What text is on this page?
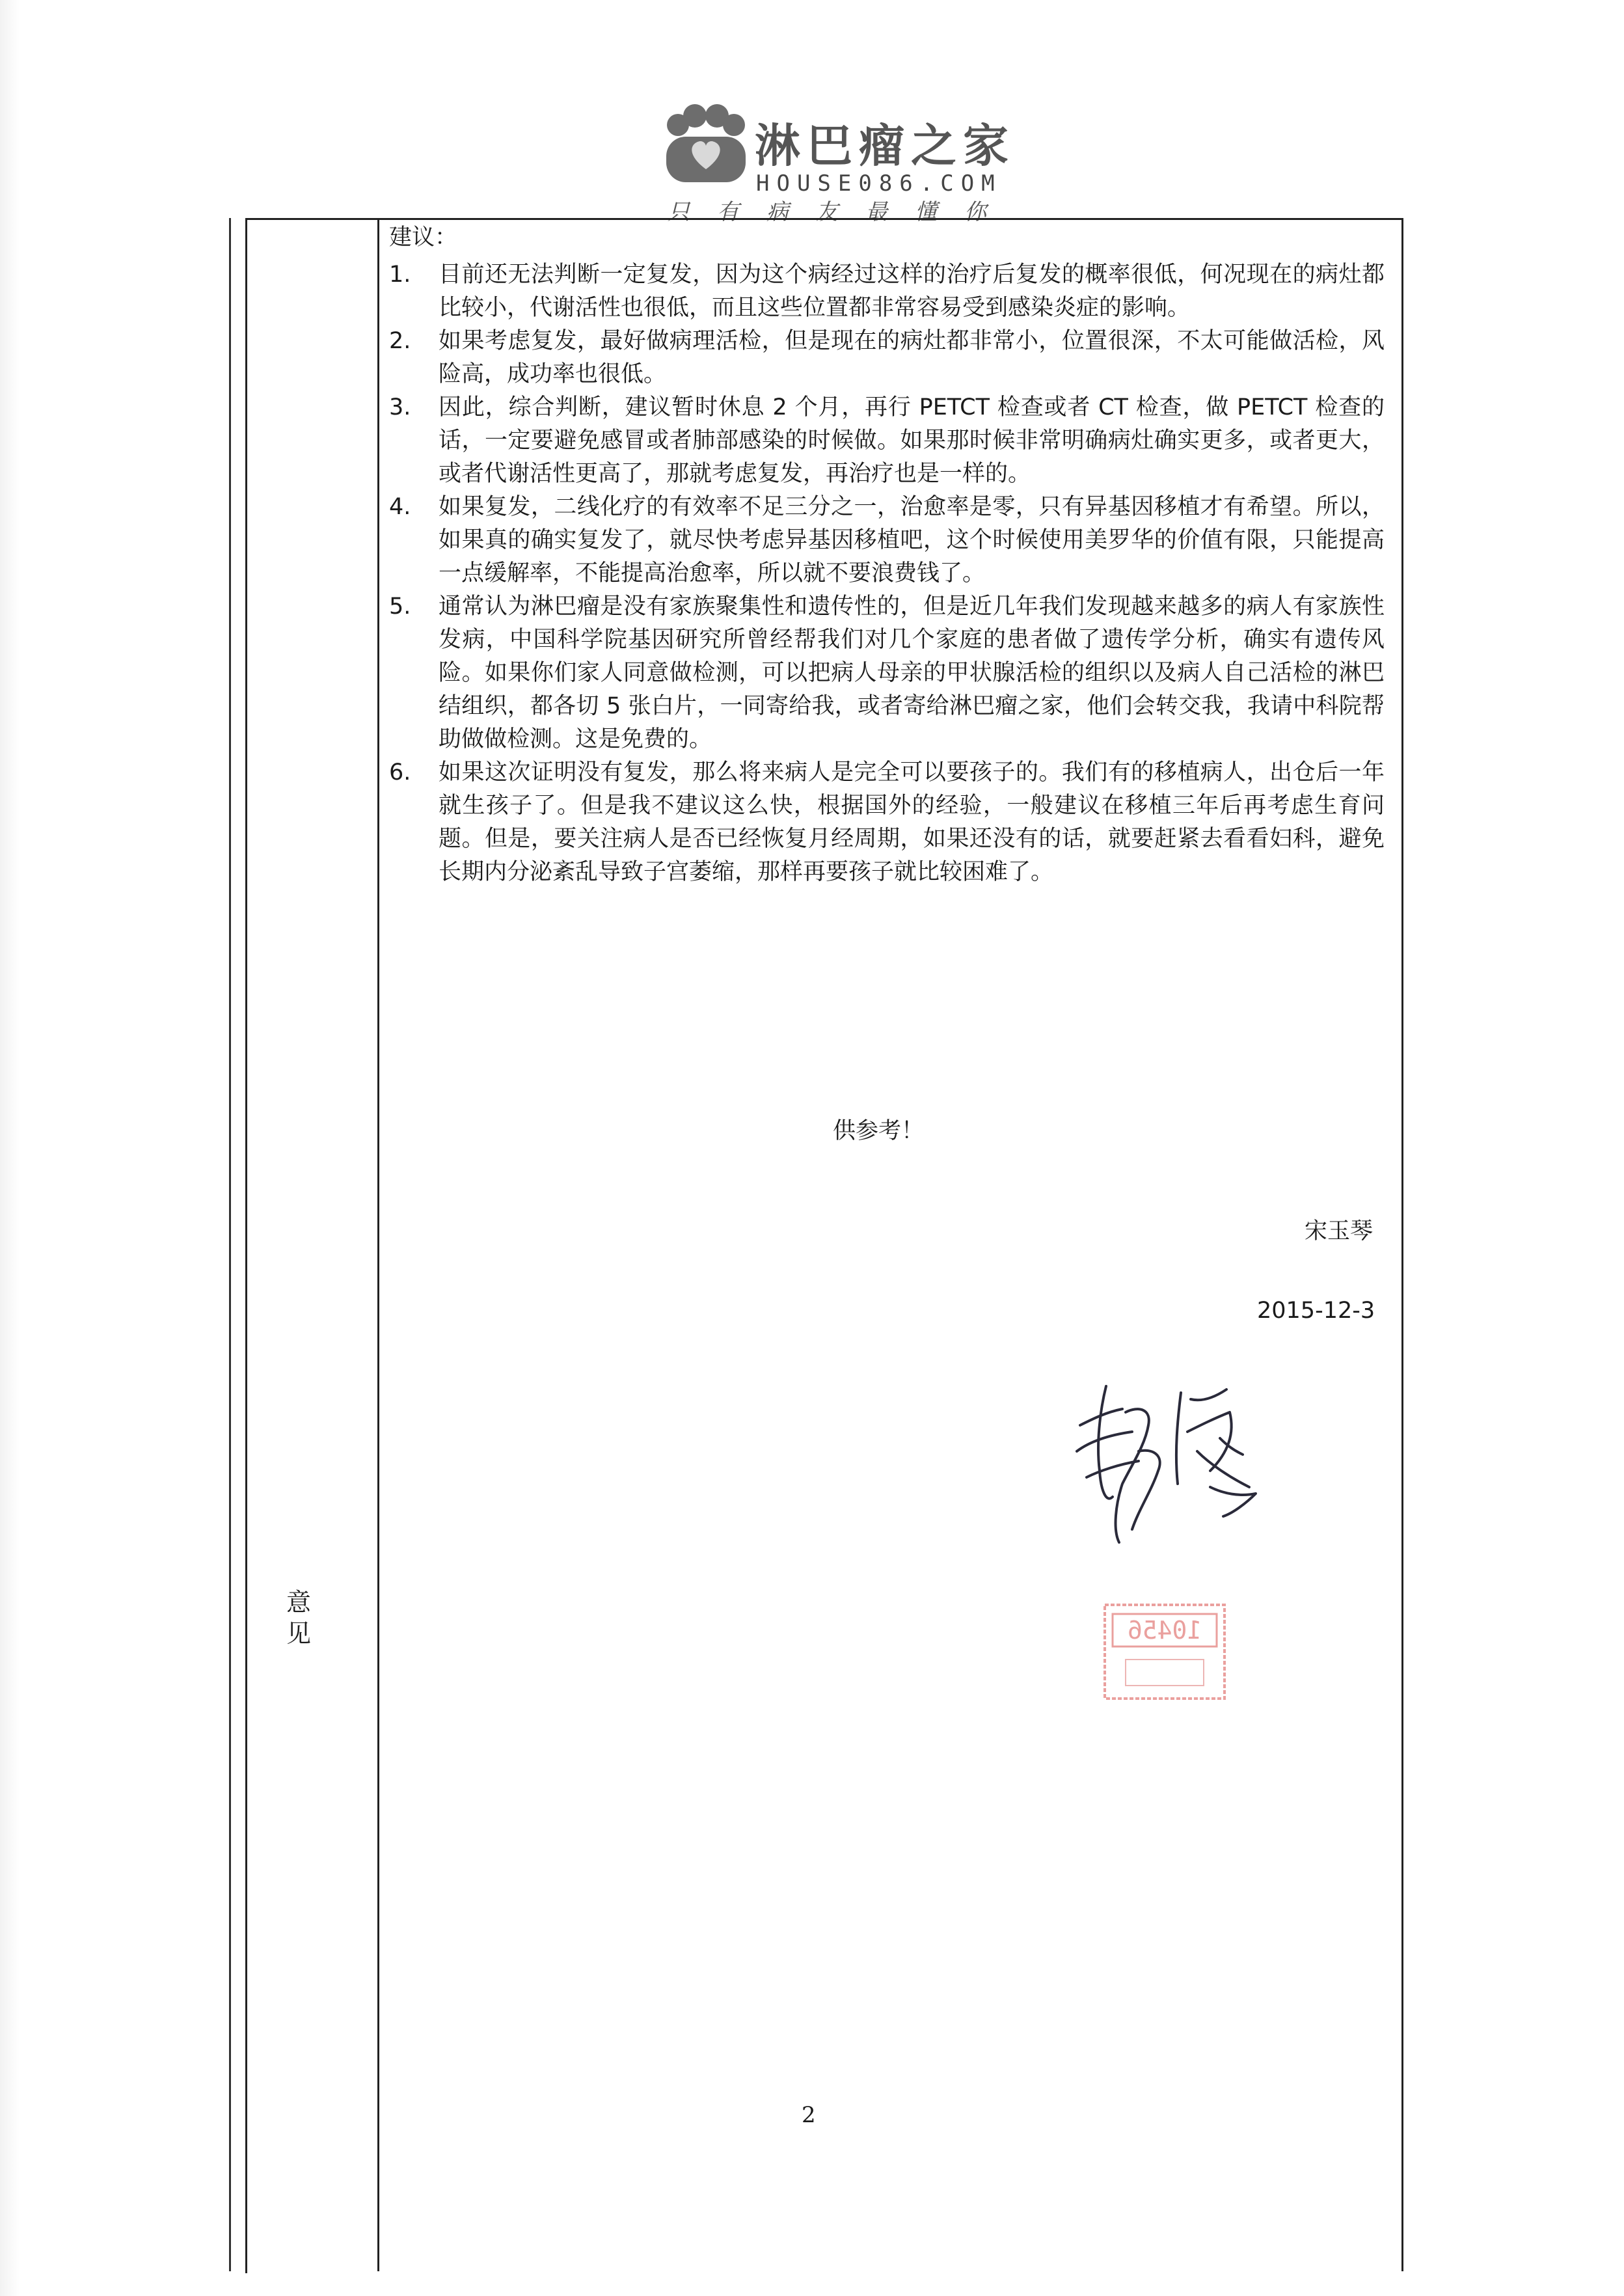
淋巴瘤之家
HOUSE086.COM
只有病友最懂你
意
见
建议：
1.	目前还无法判断一定复发，因为这个病经过这样的治疗后复发的概率很低，何况现在的病灶都比较小，代谢活性也很低，而且这些位置都非常容易受到感染炎症的影响。
2.	如果考虑复发，最好做病理活检，但是现在的病灶都非常小，位置很深，不太可能做活检，风险高，成功率也很低。
3.	因此，综合判断，建议暂时休息 2 个月，再行 PETCT 检查或者 CT 检查，做 PETCT 检查的话，一定要避免感冒或者肺部感染的时候做。如果那时候非常明确病灶确实更多，或者更大，或者代谢活性更高了，那就考虑复发，再治疗也是一样的。
4.	如果复发，二线化疗的有效率不足三分之一，治愈率是零，只有异基因移植才有希望。所以，如果真的确实复发了，就尽快考虑异基因移植吧，这个时候使用美罗华的价值有限，只能提高一点缓解率，不能提高治愈率，所以就不要浪费钱了。
5.	通常认为淋巴瘤是没有家族聚集性和遗传性的，但是近几年我们发现越来越多的病人有家族性发病，中国科学院基因研究所曾经帮我们对几个家庭的患者做了遗传学分析，确实有遗传风险。如果你们家人同意做检测，可以把病人母亲的甲状腺活检的组织以及病人自己活检的淋巴结组织，都各切 5 张白片，一同寄给我，或者寄给淋巴瘤之家，他们会转交我，我请中科院帮助做做检测。这是免费的。
6.	如果这次证明没有复发，那么将来病人是完全可以要孩子的。我们有的移植病人，出仓后一年就生孩子了。但是我不建议这么快，根据国外的经验，一般建议在移植三年后再考虑生育问题。但是，要关注病人是否已经恢复月经周期，如果还没有的话，就要赶紧去看看妇科，避免长期内分泌紊乱导致子宫萎缩，那样再要孩子就比较困难了。
供参考！
宋玉琴
2015-12-3
10456
2
